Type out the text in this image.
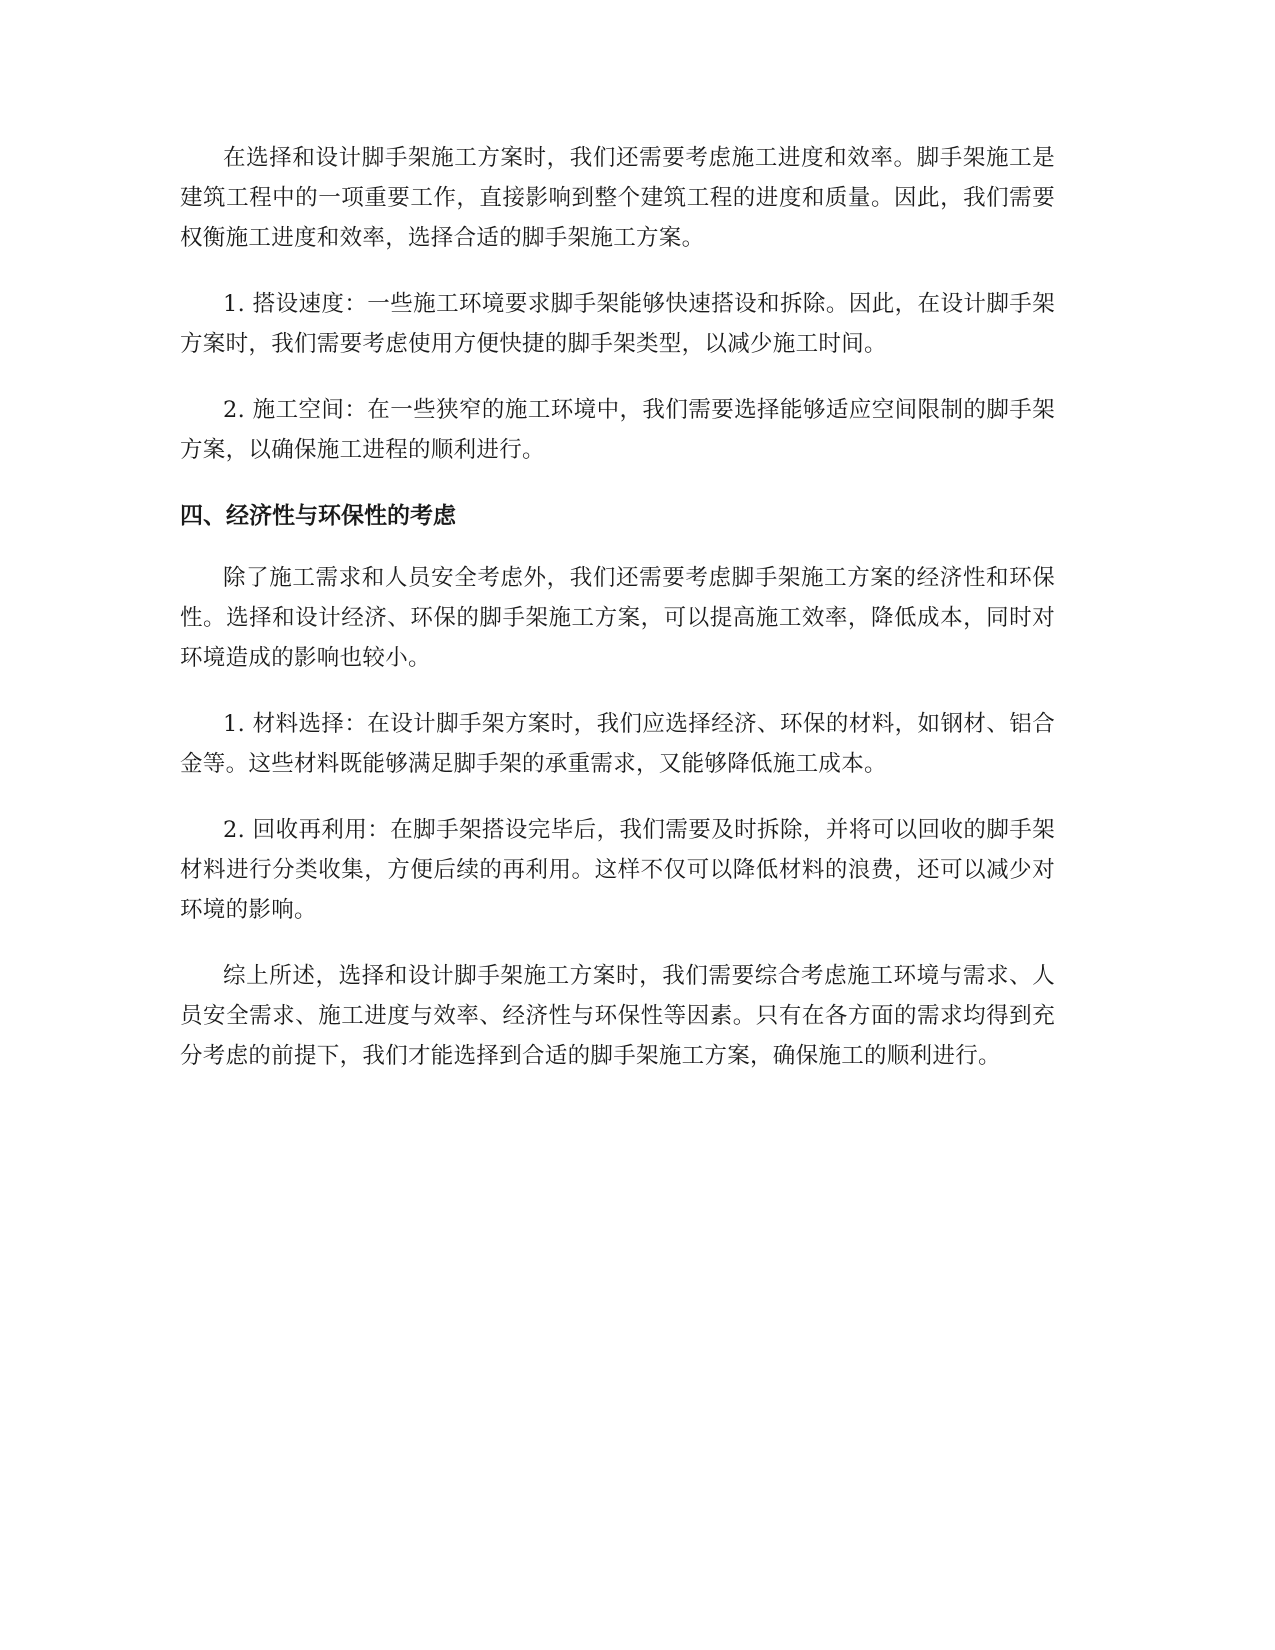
在选择和设计脚手架施工方案时，我们还需要考虑施工进度和效率。脚手架施工是建筑工程中的一项重要工作，直接影响到整个建筑工程的进度和质量。因此，我们需要权衡施工进度和效率，选择合适的脚手架施工方案。

1. 搭设速度：一些施工环境要求脚手架能够快速搭设和拆除。因此，在设计脚手架方案时，我们需要考虑使用方便快捷的脚手架类型，以减少施工时间。

2. 施工空间：在一些狭窄的施工环境中，我们需要选择能够适应空间限制的脚手架方案，以确保施工进程的顺利进行。

四、经济性与环保性的考虑

除了施工需求和人员安全考虑外，我们还需要考虑脚手架施工方案的经济性和环保性。选择和设计经济、环保的脚手架施工方案，可以提高施工效率，降低成本，同时对环境造成的影响也较小。

1. 材料选择：在设计脚手架方案时，我们应选择经济、环保的材料，如钢材、铝合金等。这些材料既能够满足脚手架的承重需求，又能够降低施工成本。

2. 回收再利用：在脚手架搭设完毕后，我们需要及时拆除，并将可以回收的脚手架材料进行分类收集，方便后续的再利用。这样不仅可以降低材料的浪费，还可以减少对环境的影响。

综上所述，选择和设计脚手架施工方案时，我们需要综合考虑施工环境与需求、人员安全需求、施工进度与效率、经济性与环保性等因素。只有在各方面的需求均得到充分考虑的前提下，我们才能选择到合适的脚手架施工方案，确保施工的顺利进行。
